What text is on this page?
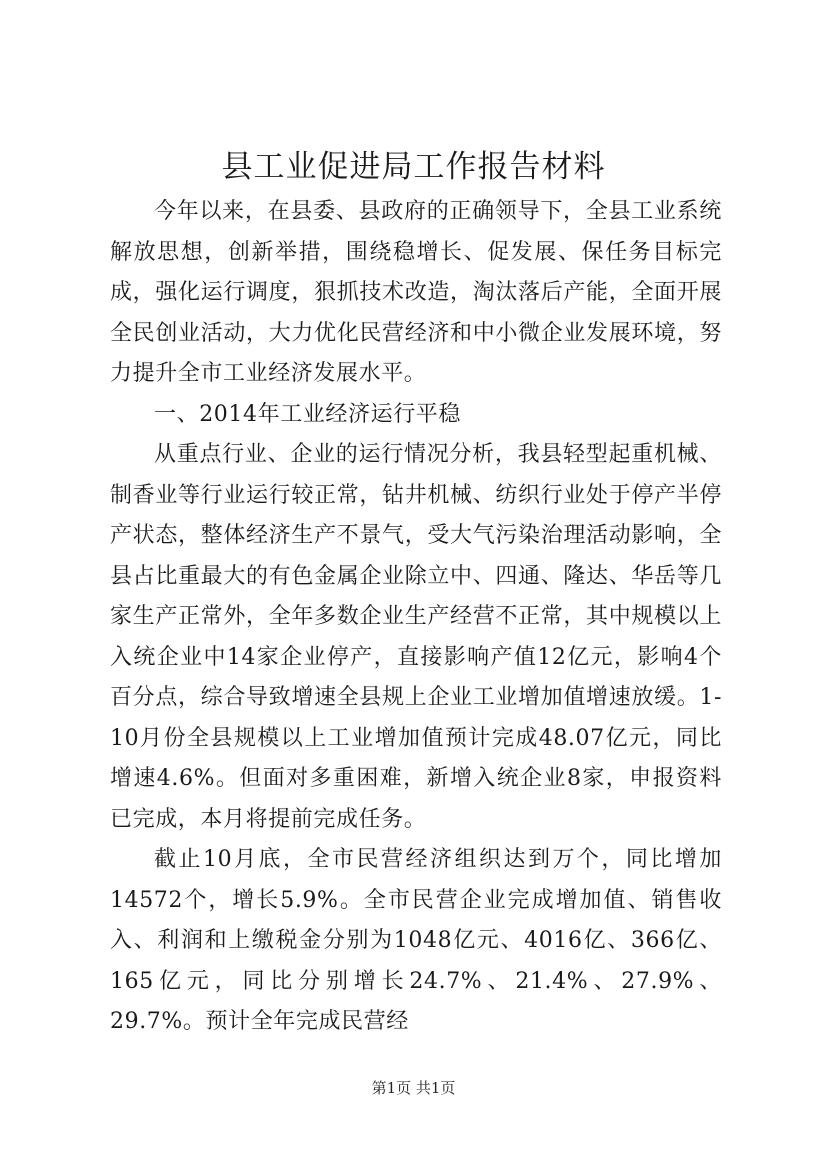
县工业促进局工作报告材料

今年以来，在县委、县政府的正确领导下，全县工业系统解放思想，创新举措，围绕稳增长、促发展、保任务目标完成，强化运行调度，狠抓技术改造，淘汰落后产能，全面开展全民创业活动，大力优化民营经济和中小微企业发展环境，努力提升全市工业经济发展水平。

一、2014年工业经济运行平稳

从重点行业、企业的运行情况分析，我县轻型起重机械、制香业等行业运行较正常，钻井机械、纺织行业处于停产半停产状态，整体经济生产不景气，受大气污染治理活动影响，全县占比重最大的有色金属企业除立中、四通、隆达、华岳等几家生产正常外，全年多数企业生产经营不正常，其中规模以上入统企业中14家企业停产，直接影响产值12亿元，影响4个百分点，综合导致增速全县规上企业工业增加值增速放缓。1-10月份全县规模以上工业增加值预计完成48.07亿元，同比增速4.6%。但面对多重困难，新增入统企业8家，申报资料已完成，本月将提前完成任务。

截止10月底，全市民营经济组织达到万个，同比增加14572个，增长5.9%。全市民营企业完成增加值、销售收入、利润和上缴税金分别为1048亿元、4016亿、366亿、165亿元，同比分别增长24.7%、21.4%、27.9%、29.7%。预计全年完成民营经

第1页 共1页
